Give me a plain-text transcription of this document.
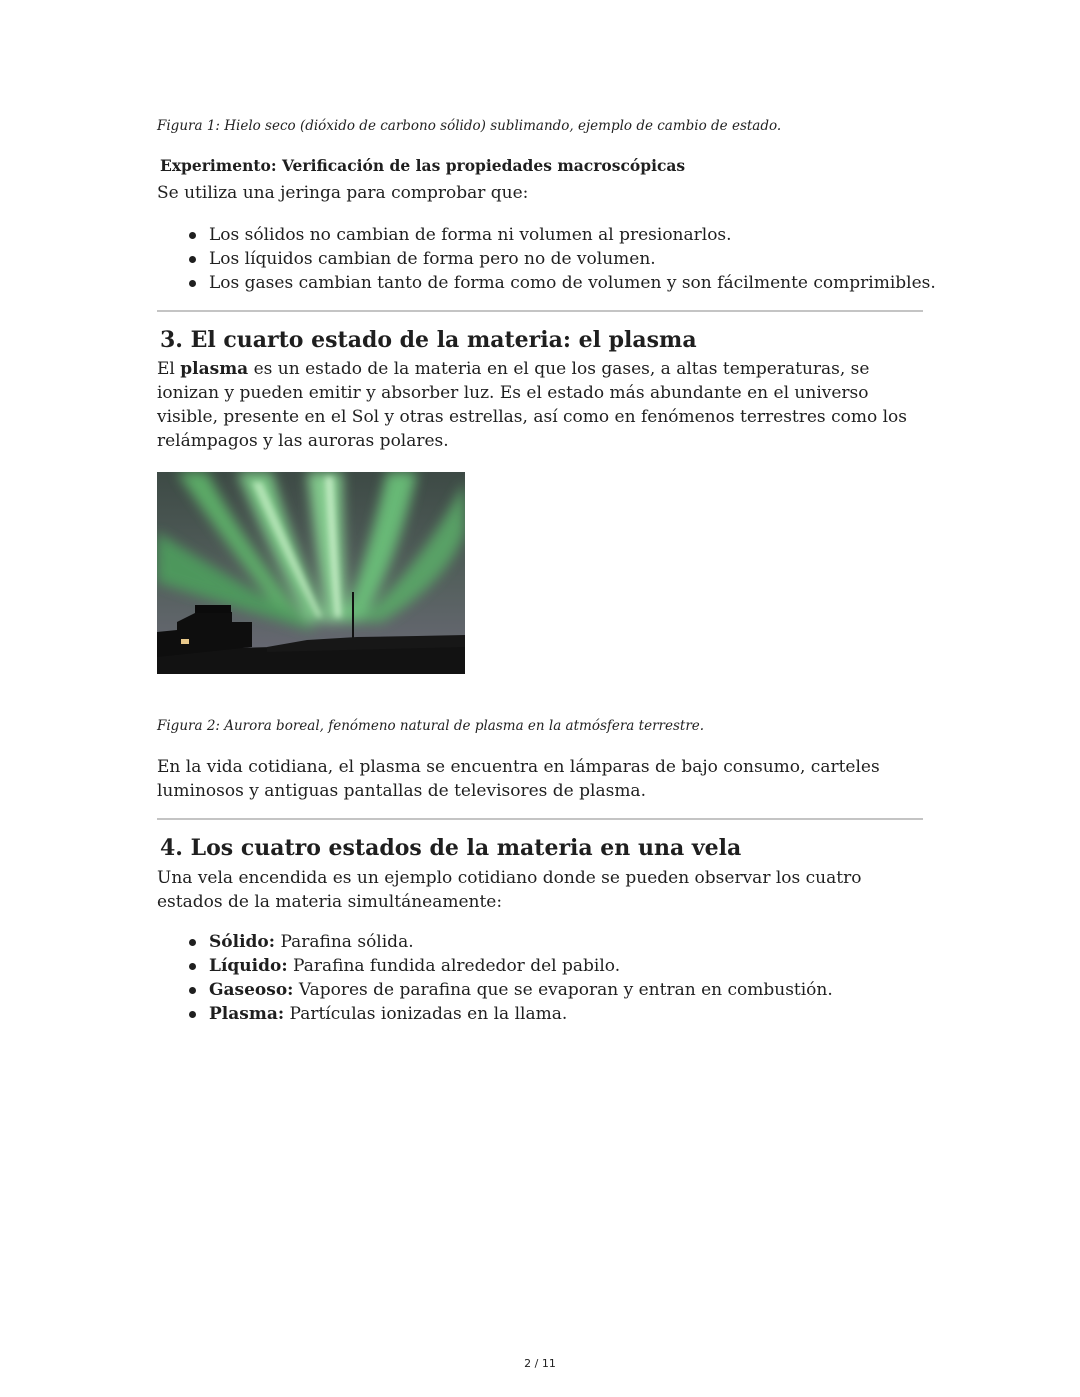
Figura 1: Hielo seco (dióxido de carbono sólido) sublimando, ejemplo de cambio de estado.
Experimento: Verificación de las propiedades macroscópicas
Se utiliza una jeringa para comprobar que:
Los sólidos no cambian de forma ni volumen al presionarlos.
Los líquidos cambian de forma pero no de volumen.
Los gases cambian tanto de forma como de volumen y son fácilmente comprimibles.
3. El cuarto estado de la materia: el plasma
El plasma es un estado de la materia en el que los gases, a altas temperaturas, se ionizan y pueden emitir y absorber luz. Es el estado más abundante en el universo visible, presente en el Sol y otras estrellas, así como en fenómenos terrestres como los relámpagos y las auroras polares.
Figura 2: Aurora boreal, fenómeno natural de plasma en la atmósfera terrestre.
En la vida cotidiana, el plasma se encuentra en lámparas de bajo consumo, carteles luminosos y antiguas pantallas de televisores de plasma.
4. Los cuatro estados de la materia en una vela
Una vela encendida es un ejemplo cotidiano donde se pueden observar los cuatro estados de la materia simultáneamente:
Sólido: Parafina sólida.
Líquido: Parafina fundida alrededor del pabilo.
Gaseoso: Vapores de parafina que se evaporan y entran en combustión.
Plasma: Partículas ionizadas en la llama.
2 / 11
